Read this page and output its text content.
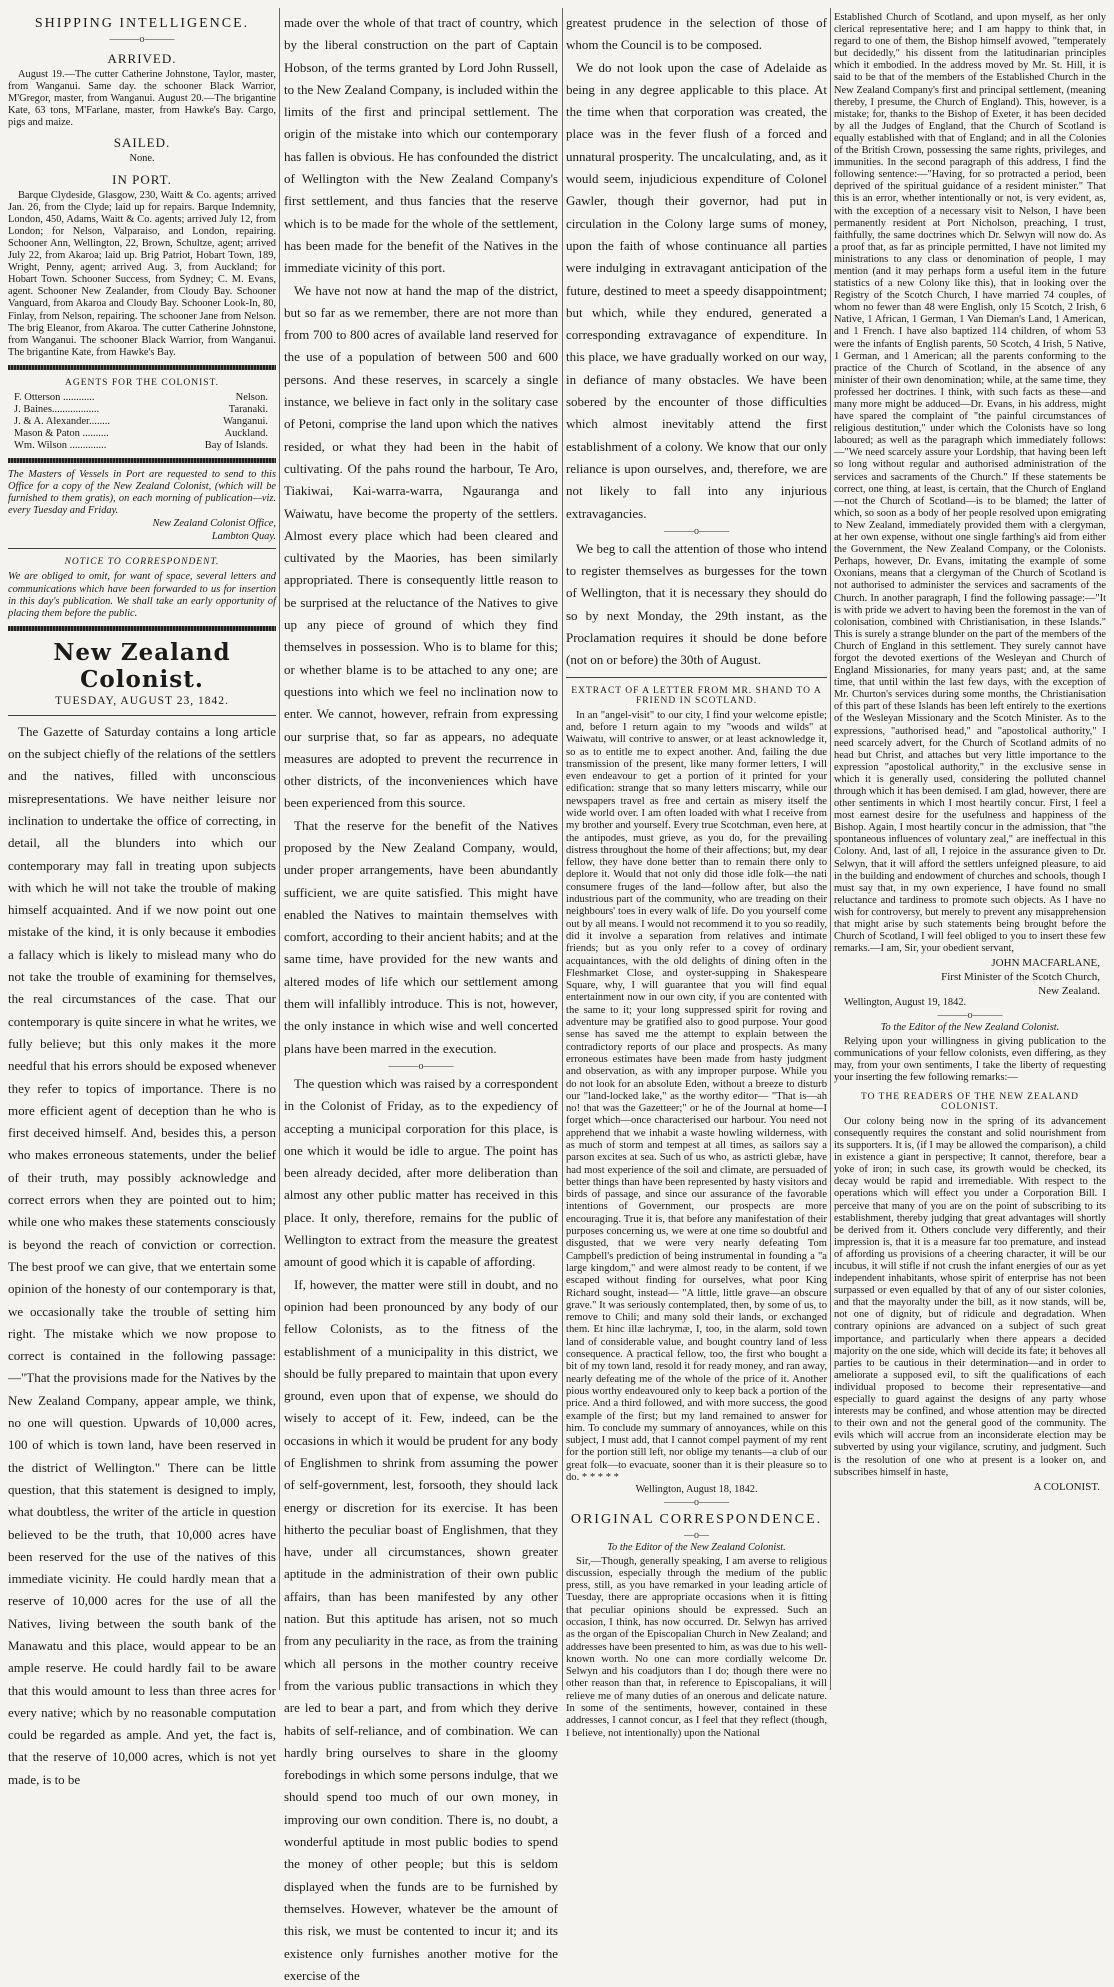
SHIPPING INTELLIGENCE.
———o———
ARRIVED.

August 19.—The cutter Catherine Johnstone, Taylor, master, from Wanganui. Same day. the schooner Black Warrior, M'Gregor, master, from Wanganui. August 20.—The brigantine Kate, 63 tons, M'Farlane, master, from Hawke's Bay. Cargo, pigs and maize.

SAILED.

None.

IN PORT.

Barque Clydeside, Glasgow, 230, Waitt & Co. agents; arrived Jan. 26, from the Clyde; laid up for repairs. Barque Indemnity, London, 450, Adams, Waitt & Co. agents; arrived July 12, from London; for Nelson, Valparaiso, and London, repairing. Schooner Ann, Wellington, 22, Brown, Schultze, agent; arrived July 22, from Akaroa; laid up. Brig Patriot, Hobart Town, 189, Wright, Penny, agent; arrived Aug. 3, from Auckland; for Hobart Town. Schooner Success, from Sydney; C. M. Evans, agent. Schooner New Zealander, from Cloudy Bay. Schooner Vanguard, from Akaroa and Cloudy Bay. Schooner Look-In, 80, Finlay, from Nelson, repairing. The schooner Jane from Nelson. The brig Eleanor, from Akaroa. The cutter Catherine Johnstone, from Wanganui. The schooner Black Warrior, from Wanganui. The brigantine Kate, from Hawke's Bay.

AGENTS FOR THE COLONIST.
F. Otterson ............	Nelson.
J. Baines..................	Taranaki.
J. & A. Alexander........	Wanganui.
Mason & Paton ..........	Auckland.
Wm. Wilson ..............	Bay of Islands.

The Masters of Vessels in Port are requested to send to this Office for a copy of the New Zealand Colonist, (which will be furnished to them gratis), on each morning of publication—viz. every Tuesday and Friday.

New Zealand Colonist Office,

Lambton Quay.

NOTICE TO CORRESPONDENT.

We are obliged to omit, for want of space, several letters and communications which have been forwarded to us for insertion in this day's publication. We shall take an early opportunity of placing them before the public.

New Zealand Colonist.
TUESDAY, AUGUST 23, 1842.

The Gazette of Saturday contains a long article on the subject chiefly of the relations of the settlers and the natives, filled with unconscious misrepresentations. We have neither leisure nor inclination to undertake the office of correcting, in detail, all the blunders into which our contemporary may fall in treating upon subjects with which he will not take the trouble of making himself acquainted. And if we now point out one mistake of the kind, it is only because it embodies a fallacy which is likely to mislead many who do not take the trouble of examining for themselves, the real circumstances of the case. That our contemporary is quite sincere in what he writes, we fully believe; but this only makes it the more needful that his errors should be exposed whenever they refer to topics of importance. There is no more efficient agent of deception than he who is first deceived himself. And, besides this, a person who makes erroneous statements, under the belief of their truth, may possibly acknowledge and correct errors when they are pointed out to him; while one who makes these statements consciously is beyond the reach of conviction or correction. The best proof we can give, that we entertain some opinion of the honesty of our contemporary is that, we occasionally take the trouble of setting him right. The mistake which we now propose to correct is contained in the following passage:—"That the provisions made for the Natives by the New Zealand Company, appear ample, we think, no one will question. Upwards of 10,000 acres, 100 of which is town land, have been reserved in the district of Wellington." There can be little question, that this statement is designed to imply, what doubtless, the writer of the article in question believed to be the truth, that 10,000 acres have been reserved for the use of the natives of this immediate vicinity. He could hardly mean that a reserve of 10,000 acres for the use of all the Natives, living between the south bank of the Manawatu and this place, would appear to be an ample reserve. He could hardly fail to be aware that this would amount to less than three acres for every native; which by no reasonable computation could be regarded as ample. And yet, the fact is, that the reserve of 10,000 acres, which is not yet made, is to be

made over the whole of that tract of country, which by the liberal construction on the part of Captain Hobson, of the terms granted by Lord John Russell, to the New Zealand Company, is included within the limits of the first and principal settlement. The origin of the mistake into which our contemporary has fallen is obvious. He has confounded the district of Wellington with the New Zealand Company's first settlement, and thus fancies that the reserve which is to be made for the whole of the settlement, has been made for the benefit of the Natives in the immediate vicinity of this port.

We have not now at hand the map of the district, but so far as we remember, there are not more than from 700 to 800 acres of available land reserved for the use of a population of between 500 and 600 persons. And these reserves, in scarcely a single instance, we believe in fact only in the solitary case of Petoni, comprise the land upon which the natives resided, or what they had been in the habit of cultivating. Of the pahs round the harbour, Te Aro, Tiakiwai, Kai-warra-warra, Ngauranga and Waiwatu, have become the property of the settlers. Almost every place which had been cleared and cultivated by the Maories, has been similarly appropriated. There is consequently little reason to be surprised at the reluctance of the Natives to give up any piece of ground of which they find themselves in possession. Who is to blame for this; or whether blame is to be attached to any one; are questions into which we feel no inclination now to enter. We cannot, however, refrain from expressing our surprise that, so far as appears, no adequate measures are adopted to prevent the recurrence in other districts, of the inconveniences which have been experienced from this source.

That the reserve for the benefit of the Natives proposed by the New Zealand Company, would, under proper arrangements, have been abundantly sufficient, we are quite satisfied. This might have enabled the Natives to maintain themselves with comfort, according to their ancient habits; and at the same time, have provided for the new wants and altered modes of life which our settlement among them will infallibly introduce. This is not, however, the only instance in which wise and well concerted plans have been marred in the execution.

———o———

The question which was raised by a correspondent in the Colonist of Friday, as to the expediency of accepting a municipal corporation for this place, is one which it would be idle to argue. The point has been already decided, after more deliberation than almost any other public matter has received in this place. It only, therefore, remains for the public of Wellington to extract from the measure the greatest amount of good which it is capable of affording.

If, however, the matter were still in doubt, and no opinion had been pronounced by any body of our fellow Colonists, as to the fitness of the establishment of a municipality in this district, we should be fully prepared to maintain that upon every ground, even upon that of expense, we should do wisely to accept of it. Few, indeed, can be the occasions in which it would be prudent for any body of Englishmen to shrink from assuming the power of self-government, lest, forsooth, they should lack energy or discretion for its exercise. It has been hitherto the peculiar boast of Englishmen, that they have, under all circumstances, shown greater aptitude in the administration of their own public affairs, than has been manifested by any other nation. But this aptitude has arisen, not so much from any peculiarity in the race, as from the training which all persons in the mother country receive from the various public transactions in which they are led to bear a part, and from which they derive habits of self-reliance, and of combination. We can hardly bring ourselves to share in the gloomy forebodings in which some persons indulge, that we should spend too much of our own money, in improving our own condition. There is, no doubt, a wonderful aptitude in most public bodies to spend the money of other people; but this is seldom displayed when the funds are to be furnished by themselves. However, whatever be the amount of this risk, we must be contented to incur it; and its existence only furnishes another motive for the exercise of the

greatest prudence in the selection of those of whom the Council is to be composed.

We do not look upon the case of Adelaide as being in any degree applicable to this place. At the time when that corporation was created, the place was in the fever flush of a forced and unnatural prosperity. The uncalculating, and, as it would seem, injudicious expenditure of Colonel Gawler, though their governor, had put in circulation in the Colony large sums of money, upon the faith of whose continuance all parties were indulging in extravagant anticipation of the future, destined to meet a speedy disappointment; but which, while they endured, generated a corresponding extravagance of expenditure. In this place, we have gradually worked on our way, in defiance of many obstacles. We have been sobered by the encounter of those difficulties which almost inevitably attend the first establishment of a colony. We know that our only reliance is upon ourselves, and, therefore, we are not likely to fall into any injurious extravagancies.

———o———

We beg to call the attention of those who intend to register themselves as burgesses for the town of Wellington, that it is necessary they should do so by next Monday, the 29th instant, as the Proclamation requires it should be done before (not on or before) the 30th of August.

EXTRACT OF A LETTER FROM MR. SHAND TO A FRIEND IN SCOTLAND.

In an "angel-visit" to our city, I find your welcome epistle; and, before I return again to my "woods and wilds" at Waiwatu, will contrive to answer, or at least acknowledge it, so as to entitle me to expect another. And, failing the due transmission of the present, like many former letters, I will even endeavour to get a portion of it printed for your edification: strange that so many letters miscarry, while our newspapers travel as free and certain as misery itself the wide world over. I am often loaded with what I receive from my brother and yourself. Every true Scotchman, even here, at the antipodes, must grieve, as you do, for the prevailing distress throughout the home of their affections; but, my dear fellow, they have done better than to remain there only to deplore it. Would that not only did those idle folk—the nati consumere fruges of the land—follow after, but also the industrious part of the community, who are treading on their neighbours' toes in every walk of life. Do you yourself come out by all means. I would not recommend it to you so readily, did it involve a separation from relatives and intimate friends; but as you only refer to a covey of ordinary acquaintances, with the old delights of dining often in the Fleshmarket Close, and oyster-supping in Shakespeare Square, why, I will guarantee that you will find equal entertainment now in our own city, if you are contented with the same to it; your long suppressed spirit for roving and adventure may be gratified also to good purpose. Your good sense has saved me the attempt to explain between the contradictory reports of our place and prospects. As many erroneous estimates have been made from hasty judgment and observation, as with any improper purpose. While you do not look for an absolute Eden, without a breeze to disturb our "land-locked lake," as the worthy editor— "That is—ah no! that was the Gazetteer;" or he of the Journal at home—I forget which—once characterised our harbour. You need not apprehend that we inhabit a waste howling wilderness, with as much of storm and tempest at all times, as sailors say a parson excites at sea. Such of us who, as astricti glebæ, have had most experience of the soil and climate, are persuaded of better things than have been represented by hasty visitors and birds of passage, and since our assurance of the favorable intentions of Government, our prospects are more encouraging. True it is, that before any manifestation of their purposes concerning us, we were at one time so doubtful and disgusted, that we were very nearly defeating Tom Campbell's prediction of being instrumental in founding a "a large kingdom," and were almost ready to be content, if we escaped without finding for ourselves, what poor King Richard sought, instead— "A little, little grave—an obscure grave." It was seriously contemplated, then, by some of us, to remove to Chili; and many sold their lands, or exchanged them. Et hinc illæ lachrymæ, I, too, in the alarm, sold town land of considerable value, and bought country land of less consequence. A practical fellow, too, the first who bought a bit of my town land, resold it for ready money, and ran away, nearly defeating me of the whole of the price of it. Another pious worthy endeavoured only to keep back a portion of the price. And a third followed, and with more success, the good example of the first; but my land remained to answer for him. To conclude my summary of annoyances, while on this subject, I must add, that I cannot compel payment of my rent for the portion still left, nor oblige my tenants—a club of our great folk—to evacuate, sooner than it is their pleasure so to do. * * * * *

Wellington, August 18, 1842.

———o———
ORIGINAL CORRESPONDENCE.
—o—

To the Editor of the New Zealand Colonist.

Sir,—Though, generally speaking, I am averse to religious discussion, especially through the medium of the public press, still, as you have remarked in your leading article of Tuesday, there are appropriate occasions when it is fitting that peculiar opinions should be expressed. Such an occasion, I think, has now occurred. Dr. Selwyn has arrived as the organ of the Episcopalian Church in New Zealand; and addresses have been presented to him, as was due to his well-known worth. No one can more cordially welcome Dr. Selwyn and his coadjutors than I do; though there were no other reason than that, in reference to Episcopalians, it will relieve me of many duties of an onerous and delicate nature. In some of the sentiments, however, contained in these addresses, I cannot concur, as I feel that they reflect (though, I believe, not intentionally) upon the National

Established Church of Scotland, and upon myself, as her only clerical representative here; and I am happy to think that, in regard to one of them, the Bishop himself avowed, "temperately but decidedly," his dissent from the latitudinarian principles which it embodied. In the address moved by Mr. St. Hill, it is said to be that of the members of the Established Church in the New Zealand Company's first and principal settlement, (meaning thereby, I presume, the Church of England). This, however, is a mistake; for, thanks to the Bishop of Exeter, it has been decided by all the Judges of England, that the Church of Scotland is equally established with that of England; and in all the Colonies of the British Crown, possessing the same rights, privileges, and immunities. In the second paragraph of this address, I find the following sentence:—"Having, for so protracted a period, been deprived of the spiritual guidance of a resident minister." That this is an error, whether intentionally or not, is very evident, as, with the exception of a necessary visit to Nelson, I have been permanently resident at Port Nicholson, preaching, I trust, faithfully, the same doctrines which Dr. Selwyn will now do. As a proof that, as far as principle permitted, I have not limited my ministrations to any class or denomination of people, I may mention (and it may perhaps form a useful item in the future statistics of a new Colony like this), that in looking over the Registry of the Scotch Church, I have married 74 couples, of whom no fewer than 48 were English, only 15 Scotch, 2 Irish, 6 Native, 1 African, 1 German, 1 Van Dieman's Land, 1 American, and 1 French. I have also baptized 114 children, of whom 53 were the infants of English parents, 50 Scotch, 4 Irish, 5 Native, 1 German, and 1 American; all the parents conforming to the practice of the Church of Scotland, in the absence of any minister of their own denomination; while, at the same time, they professed her doctrines. I think, with such facts as these—and many more might be adduced—Dr. Evans, in his address, might have spared the complaint of "the painful circumstances of religious destitution," under which the Colonists have so long laboured; as well as the paragraph which immediately follows:—"We need scarcely assure your Lordship, that having been left so long without regular and authorised administration of the services and sacraments of the Church." If these statements be correct, one thing, at least, is certain, that the Church of England—not the Church of Scotland—is to be blamed; the latter of which, so soon as a body of her people resolved upon emigrating to New Zealand, immediately provided them with a clergyman, at her own expense, without one single farthing's aid from either the Government, the New Zealand Company, or the Colonists. Perhaps, however, Dr. Evans, imitating the example of some Oxonians, means that a clergyman of the Church of Scotland is not authorised to administer the services and sacraments of the Church. In another paragraph, I find the following passage:—"It is with pride we advert to having been the foremost in the van of colonisation, combined with Christianisation, in these Islands." This is surely a strange blunder on the part of the members of the Church of England in this settlement. They surely cannot have forgot the devoted exertions of the Wesleyan and Church of England Missionaries, for many years past; and, at the same time, that until within the last few days, with the exception of Mr. Churton's services during some months, the Christianisation of this part of these Islands has been left entirely to the exertions of the Wesleyan Missionary and the Scotch Minister. As to the expressions, "authorised head," and "apostolical authority," I need scarcely advert, for the Church of Scotland admits of no head but Christ, and attaches but very little importance to the expression "apostolical authority," in the exclusive sense in which it is generally used, considering the polluted channel through which it has been demised. I am glad, however, there are other sentiments in which I most heartily concur. First, I feel a most earnest desire for the usefulness and happiness of the Bishop. Again, I most heartily concur in the admission, that "the spontaneous influences of voluntary zeal," are ineffectual in this Colony. And, last of all, I rejoice in the assurance given to Dr. Selwyn, that it will afford the settlers unfeigned pleasure, to aid in the building and endowment of churches and schools, though I must say that, in my own experience, I have found no small reluctance and tardiness to promote such objects. As I have no wish for controversy, but merely to prevent any misapprehension that might arise by such statements being brought before the Church of Scotland, I will feel obliged to you to insert these few remarks.—I am, Sir, your obedient servant,

JOHN MACFARLANE,
First Minister of the Scotch Church,
New Zealand.

Wellington, August 19, 1842.

———o———

To the Editor of the New Zealand Colonist.

Relying upon your willingness in giving publication to the communications of your fellow colonists, even differing, as they may, from your own sentiments, I take the liberty of requesting your inserting the few following remarks:—

TO THE READERS OF THE NEW ZEALAND COLONIST.

Our colony being now in the spring of its advancement consequently requires the constant and solid nourishment from its supporters. It is, (if I may be allowed the comparison), a child in existence a giant in perspective; It cannot, therefore, bear a yoke of iron; in such case, its growth would be checked, its decay would be rapid and irremediable. With respect to the operations which will effect you under a Corporation Bill. I perceive that many of you are on the point of subscribing to its establishment, thereby judging that great advantages will shortly be derived from it. Others conclude very differently, and their impression is, that it is a measure far too premature, and instead of affording us provisions of a cheering character, it will be our incubus, it will stifle if not crush the infant energies of our as yet independent inhabitants, whose spirit of enterprise has not been surpassed or even equalled by that of any of our sister colonies, and that the mayoralty under the bill, as it now stands, will be, not one of dignity, but of ridicule and degradation. When contrary opinions are advanced on a subject of such great importance, and particularly when there appears a decided majority on the one side, which will decide its fate; it behoves all parties to be cautious in their determination—and in order to ameliorate a supposed evil, to sift the qualifications of each individual proposed to become their representative—and especially to guard against the designs of any party whose interests may be confined, and whose attention may be directed to their own and not the general good of the community. The evils which will accrue from an inconsiderate election may be subverted by using your vigilance, scrutiny, and judgment. Such is the resolution of one who at present is a looker on, and subscribes himself in haste,

A COLONIST.
